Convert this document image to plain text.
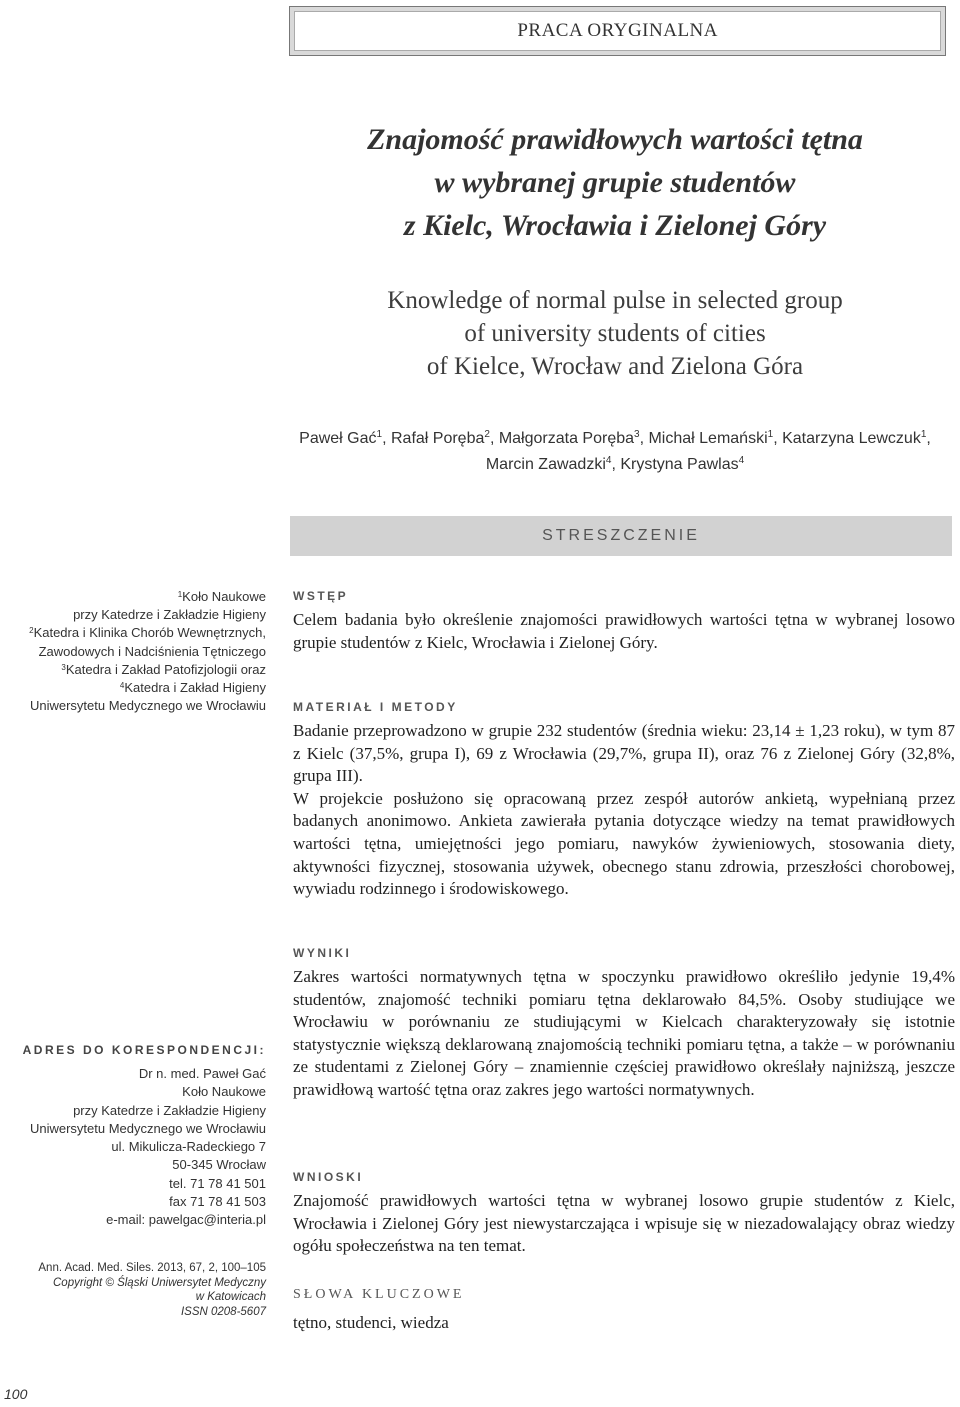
PRACA ORYGINALNA
Znajomość prawidłowych wartości tętna
w wybranej grupie studentów
z Kielc, Wrocławia i Zielonej Góry
Knowledge of normal pulse in selected group
of university students of cities
of Kielce, Wrocław and Zielona Góra
Paweł Gać$^1$, Rafał Poręba$^2$, Małgorzata Poręba$^3$, Michał Lemański$^1$, Katarzyna Lewczuk$^1$,
Marcin Zawadzki$^4$, Krystyna Pawlas$^4$
STRESZCZENIE
$^1$Koło Naukowe
przy Katedrze i Zakładzie Higieny
$^2$Katedra i Klinika Chorób Wewnętrznych,
Zawodowych i Nadciśnienia Tętniczego
$^3$Katedra i Zakład Patofizjologii oraz
$^4$Katedra i Zakład Higieny
Uniwersytetu Medycznego we Wrocławiu
WSTĘP

Celem badania było określenie znajomości prawidłowych wartości tętna w wybranej losowo grupie studentów z Kielc, Wrocławia i Zielonej Góry.

MATERIAŁ I METODY

Badanie przeprowadzono w grupie 232 studentów (średnia wieku: 23,14 ± 1,23 roku), w tym 87 z Kielc (37,5%, grupa I), 69 z Wrocławia (29,7%, grupa II), oraz 76 z Zielonej Góry (32,8%, grupa III).

W projekcie posłużono się opracowaną przez zespół autorów ankietą, wypełnianą przez badanych anonimowo. Ankieta zawierała pytania dotyczące wiedzy na temat prawidłowych wartości tętna, umiejętności jego pomiaru, nawyków żywieniowych, stosowania diety, aktywności fizycznej, stosowania używek, obecnego stanu zdrowia, przeszłości chorobowej, wywiadu rodzinnego i środowiskowego.

WYNIKI

Zakres wartości normatywnych tętna w spoczynku prawidłowo określiło jedynie 19,4% studentów, znajomość techniki pomiaru tętna deklarowało 84,5%. Osoby studiujące we Wrocławiu w porównaniu ze studiującymi w Kielcach charakteryzowały się istotnie statystycznie większą deklarowaną znajomością techniki pomiaru tętna, a także – w porównaniu ze studentami z Zielonej Góry – znamiennie częściej prawidłowo określały najniższą, jeszcze prawidłową wartość tętna oraz zakres jego wartości normatywnych.

WNIOSKI

Znajomość prawidłowych wartości tętna w wybranej losowo grupie studentów z Kielc, Wrocławia i Zielonej Góry jest niewystarczająca i wpisuje się w niezadowalający obraz wiedzy ogółu społeczeństwa na ten temat.

SŁOWA KLUCZOWE

tętno, studenci, wiedza

ADRES DO KORESPONDENCJI:
Dr n. med. Paweł Gać
Koło Naukowe
przy Katedrze i Zakładzie Higieny
Uniwersytetu Medycznego we Wrocławiu
ul. Mikulicza-Radeckiego 7
50-345 Wrocław
tel. 71 78 41 501
fax 71 78 41 503
e-mail: pawelgac@interia.pl
Ann. Acad. Med. Siles. 2013, 67, 2, 100–105
Copyright © Śląski Uniwersytet Medyczny
w Katowicach
ISSN 0208-5607
100
